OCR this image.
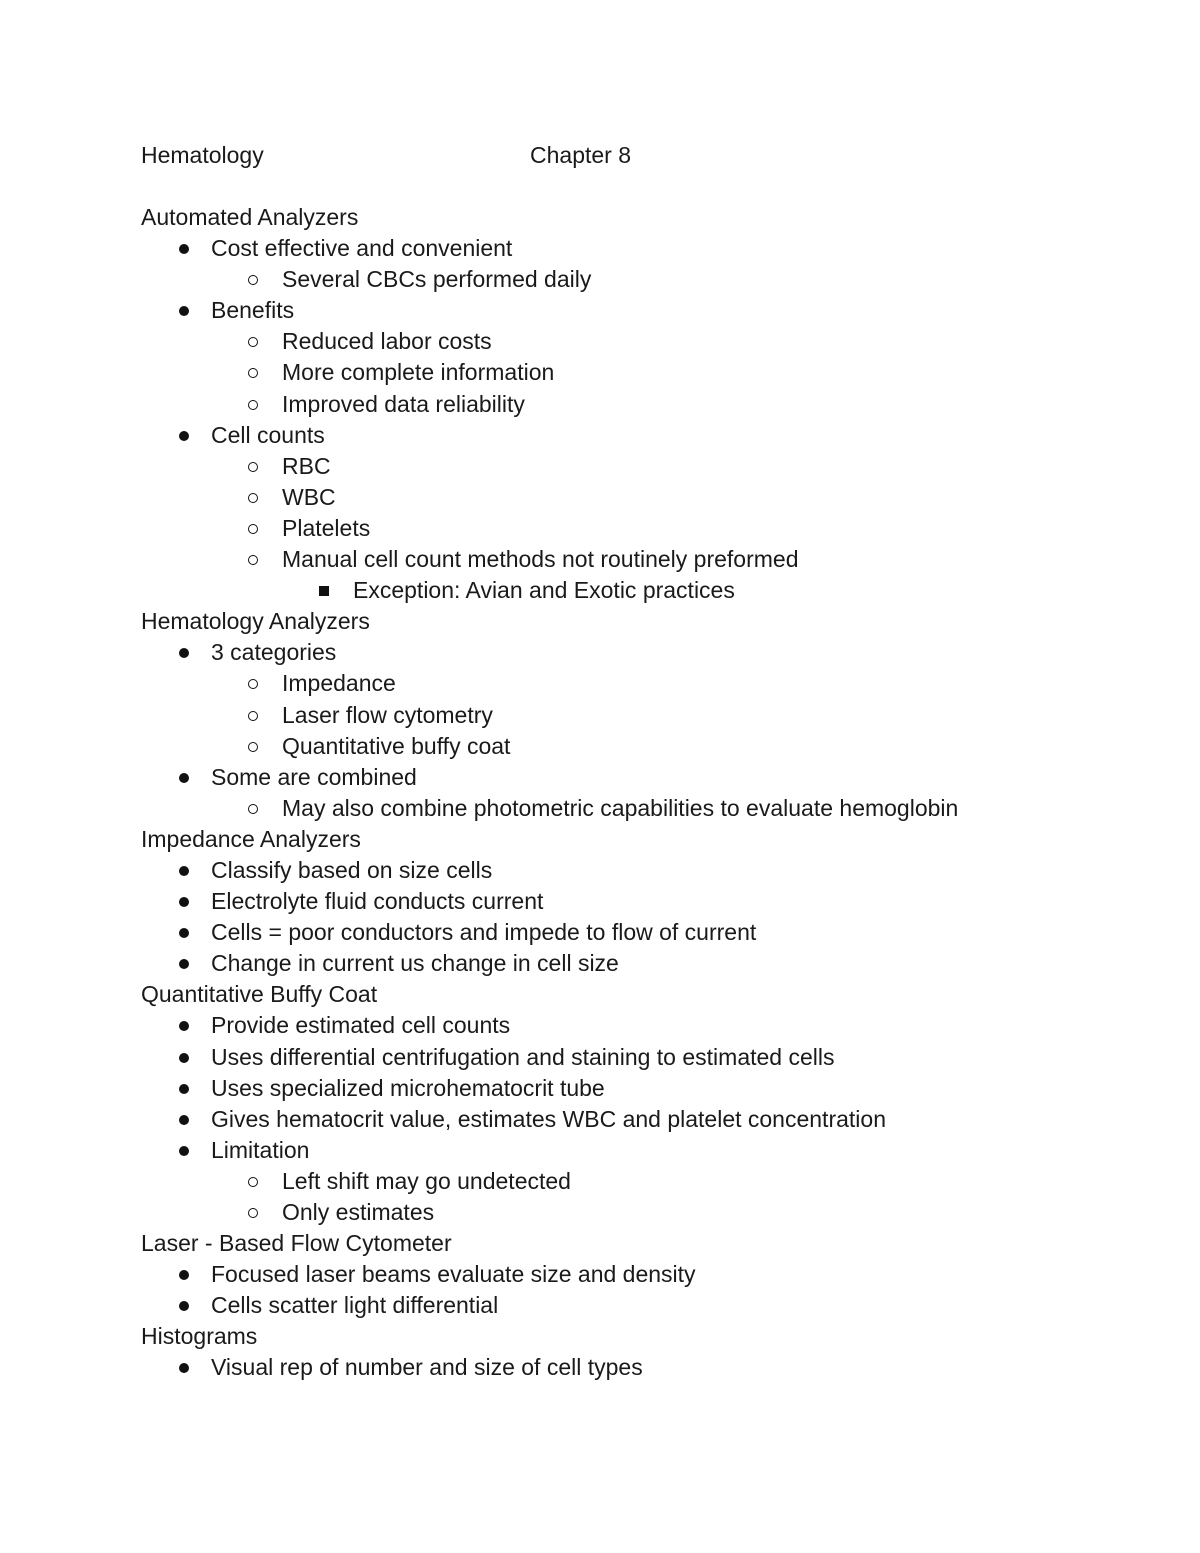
Hematology	Chapter 8
Automated Analyzers
Cost effective and convenient
Several CBCs performed daily
Benefits
Reduced labor costs
More complete information
Improved data reliability
Cell counts
RBC
WBC
Platelets
Manual cell count methods not routinely preformed
Exception: Avian and Exotic practices
Hematology Analyzers
3 categories
Impedance
Laser flow cytometry
Quantitative buffy coat
Some are combined
May also combine photometric capabilities to evaluate hemoglobin
Impedance Analyzers
Classify based on size cells
Electrolyte fluid conducts current
Cells = poor conductors and impede to flow of current
Change in current us change in cell size
Quantitative Buffy Coat
Provide estimated cell counts
Uses differential centrifugation and staining to estimated cells
Uses specialized microhematocrit tube
Gives hematocrit value, estimates WBC and platelet concentration
Limitation
Left shift may go undetected
Only estimates
Laser - Based Flow Cytometer
Focused laser beams evaluate size and density
Cells scatter light differential
Histograms
Visual rep of number and size of cell types
